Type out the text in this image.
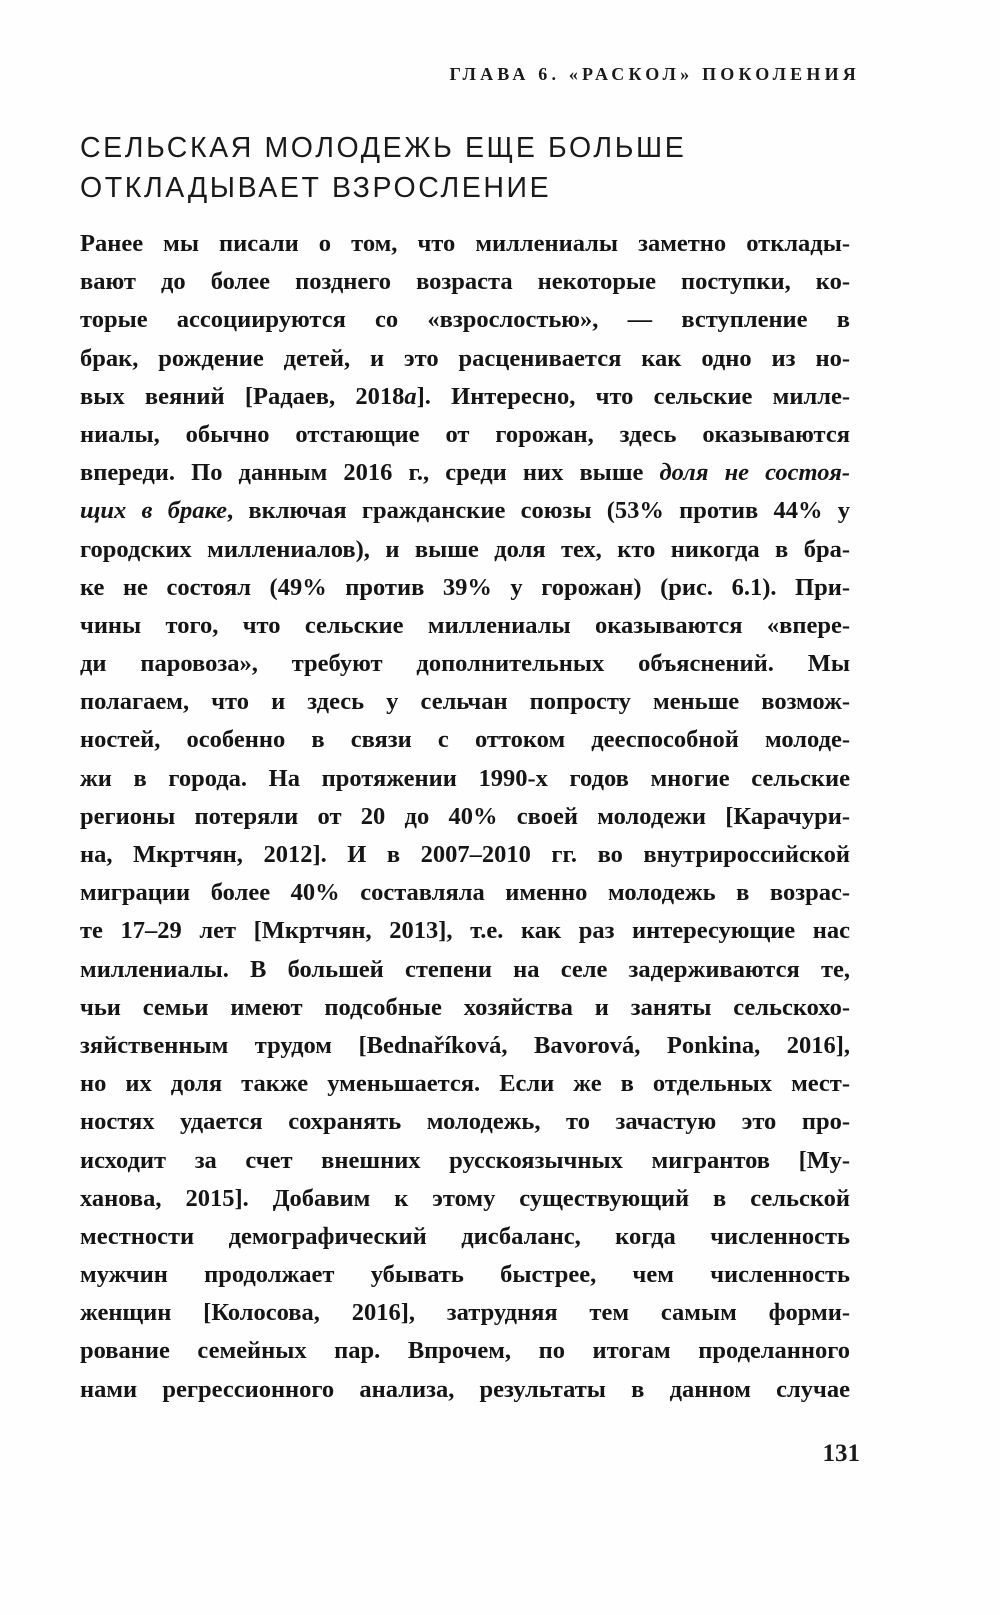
ГЛАВА 6. «РАСКОЛ» ПОКОЛЕНИЯ
СЕЛЬСКАЯ МОЛОДЕЖЬ ЕЩЕ БОЛЬШЕ
ОТКЛАДЫВАЕТ ВЗРОСЛЕНИЕ
Ранее мы писали о том, что миллениалы заметно отклады-
вают до более позднего возраста некоторые поступки, ко-
торые ассоциируются со «взрослостью», — вступление в
брак, рождение детей, и это расценивается как одно из но-
вых веяний [Радаев, 2018a]. Интересно, что сельские милле-
ниалы, обычно отстающие от горожан, здесь оказываются
впереди. По данным 2016 г., среди них выше доля не состоя-
щих в браке, включая гражданские союзы (53% против 44% у
городских миллениалов), и выше доля тех, кто никогда в бра-
ке не состоял (49% против 39% у горожан) (рис. 6.1). При-
чины того, что сельские миллениалы оказываются «впере-
ди паровоза», требуют дополнительных объяснений. Мы
полагаем, что и здесь у сельчан попросту меньше возмож-
ностей, особенно в связи с оттоком дееспособной молоде-
жи в города. На протяжении 1990-х годов многие сельские
регионы потеряли от 20 до 40% своей молодежи [Карачури-
на, Мкртчян, 2012]. И в 2007–2010 гг. во внутрироссийской
миграции более 40% составляла именно молодежь в возрас-
те 17–29 лет [Мкртчян, 2013], т.е. как раз интересующие нас
миллениалы. В большей степени на селе задерживаются те,
чьи семьи имеют подсобные хозяйства и заняты сельскохо-
зяйственным трудом [Bednaříková, Bavorová, Ponkina, 2016],
но их доля также уменьшается. Если же в отдельных мест-
ностях удается сохранять молодежь, то зачастую это про-
исходит за счет внешних русскоязычных мигрантов [Му-
ханова, 2015]. Добавим к этому существующий в сельской
местности демографический дисбаланс, когда численность
мужчин продолжает убывать быстрее, чем численность
женщин [Колосова, 2016], затрудняя тем самым форми-
рование семейных пар. Впрочем, по итогам проделанного
нами регрессионного анализа, результаты в данном случае
131
